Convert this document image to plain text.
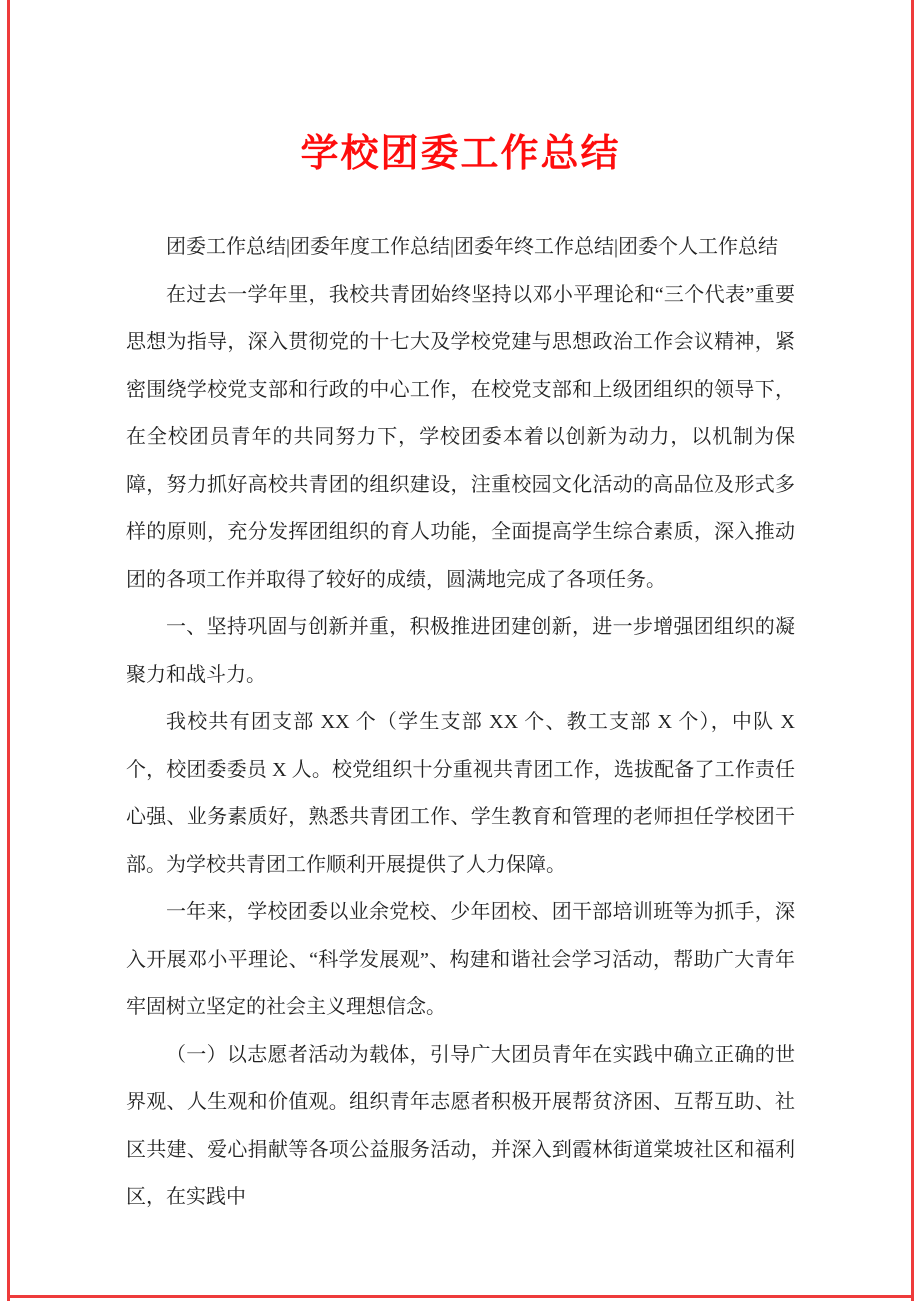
学校团委工作总结

团委工作总结|团委年度工作总结|团委年终工作总结|团委个人工作总结

在过去一学年里，我校共青团始终坚持以邓小平理论和“三个代表”重要思想为指导，深入贯彻党的十七大及学校党建与思想政治工作会议精神，紧密围绕学校党支部和行政的中心工作，在校党支部和上级团组织的领导下，在全校团员青年的共同努力下，学校团委本着以创新为动力，以机制为保障，努力抓好高校共青团的组织建设，注重校园文化活动的高品位及形式多样的原则，充分发挥团组织的育人功能，全面提高学生综合素质，深入推动团的各项工作并取得了较好的成绩，圆满地完成了各项任务。

一、坚持巩固与创新并重，积极推进团建创新，进一步增强团组织的凝聚力和战斗力。

我校共有团支部 XX 个（学生支部 XX 个、教工支部 X 个），中队 X 个，校团委委员 X 人。校党组织十分重视共青团工作，选拔配备了工作责任心强、业务素质好，熟悉共青团工作、学生教育和管理的老师担任学校团干部。为学校共青团工作顺利开展提供了人力保障。

一年来，学校团委以业余党校、少年团校、团干部培训班等为抓手，深入开展邓小平理论、“科学发展观”、构建和谐社会学习活动，帮助广大青年牢固树立坚定的社会主义理想信念。

（一）以志愿者活动为载体，引导广大团员青年在实践中确立正确的世界观、人生观和价值观。组织青年志愿者积极开展帮贫济困、互帮互助、社区共建、爱心捐献等各项公益服务活动，并深入到霞林街道棠坡社区和福利区，在实践中
